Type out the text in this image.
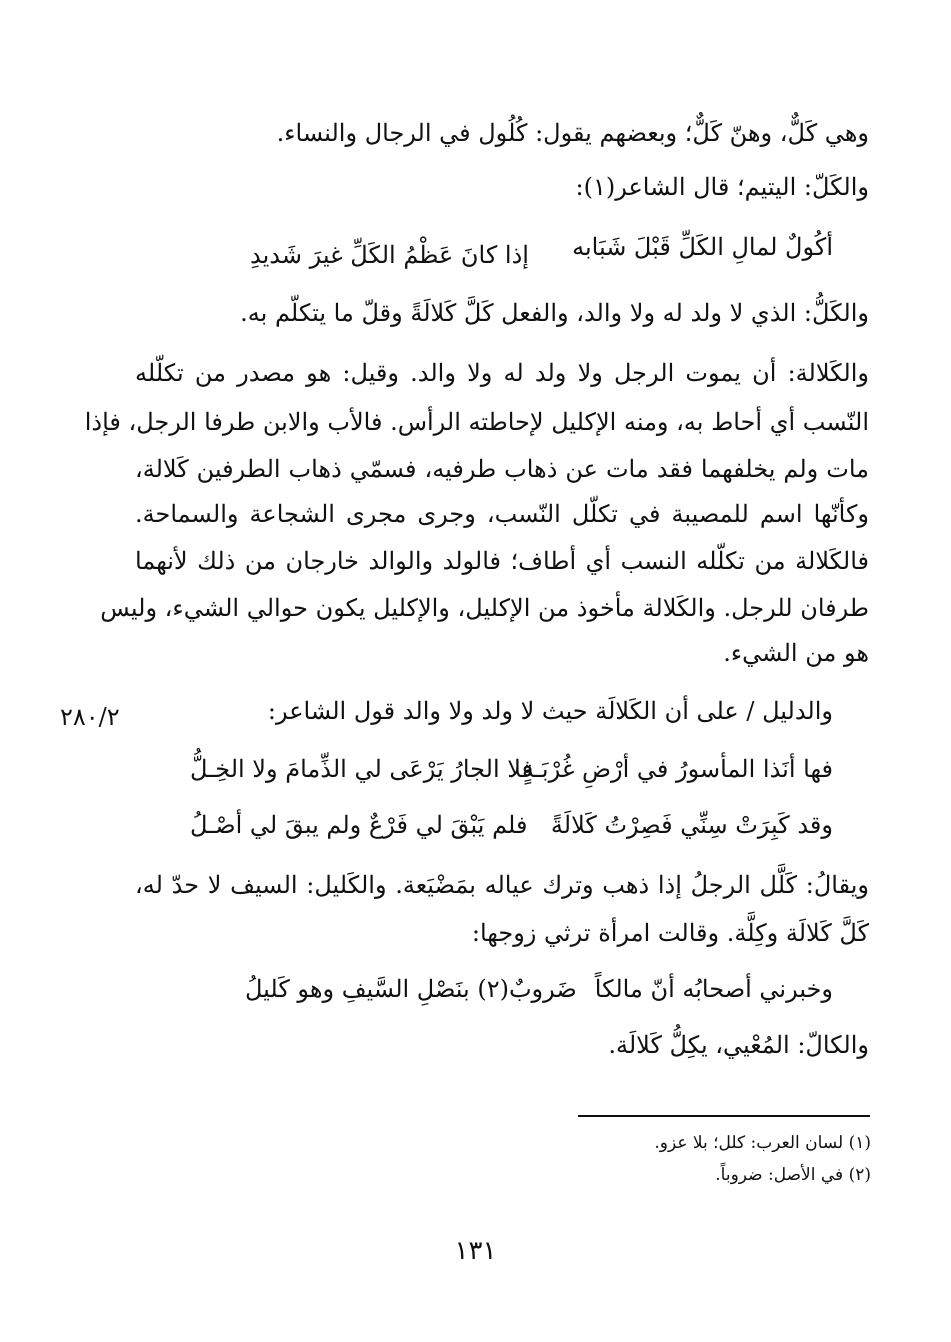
وهي كَلٌّ، وهنّ كَلٌّ؛ وبعضهم يقول: كُلُول في الرجال والنساء.

والكَلّ: اليتيم؛ قال الشاعر(١):

أكُولٌ لمالِ الكَلِّ قَبْلَ شَبَابه
إذا كانَ عَظْمُ الكَلِّ غيرَ شَديدِ

والكَلُّ: الذي لا ولد له ولا والد، والفعل كَلَّ كَلالَةً وقلّ ما يتكلّم به.

والكَلالة: أن يموت الرجل ولا ولد له ولا والد. وقيل: هو مصدر من تكلّله

النّسب أي أحاط به، ومنه الإكليل لإحاطته الرأس. فالأب والابن طرفا الرجل، فإذا

مات ولم يخلفهما فقد مات عن ذهاب طرفيه، فسمّي ذهاب الطرفين كَلالة،

وكأنّها اسم للمصيبة في تكلّل النّسب، وجرى مجرى الشجاعة والسماحة.

فالكَلالة من تكلّله النسب أي أطاف؛ فالولد والوالد خارجان من ذلك لأنهما

طرفان للرجل. والكَلالة مأخوذ من الإكليل، والإكليل يكون حوالي الشيء، وليس

هو من الشيء.

والدليل / على أن الكَلالَة حيث لا ولد ولا والد قول الشاعر:

٢٨٠/٢
فها أنَذا المأسورُ في أرْضِ غُرْبَـةٍ
فلا الجارُ يَرْعَى لي الذِّمامَ ولا الخِـلُّ
وقد كَبِرَتْ سِنِّي فَصِرْتُ كَلالَةً
فلم يَبْقَ لي فَرْعٌ ولم يبقَ لي أصْـلُ

ويقالُ: كَلَّل الرجلُ إذا ذهب وترك عياله بمَضْيَعة. والكَليل: السيف لا حدّ له،

كَلَّ كَلالَة وكِلَّة. وقالت امرأة ترثي زوجها:

وخبرني أصحابُه أنّ مالكاً
ضَروبٌ(٢) بنَصْلِ السَّيفِ وهو كَليلُ

والكالّ: المُعْيي، يكِلُّ كَلالَة.

(١) لسان العرب: كلل؛ بلا عزو.

(٢) في الأصل: ضروباً.

١٣١
